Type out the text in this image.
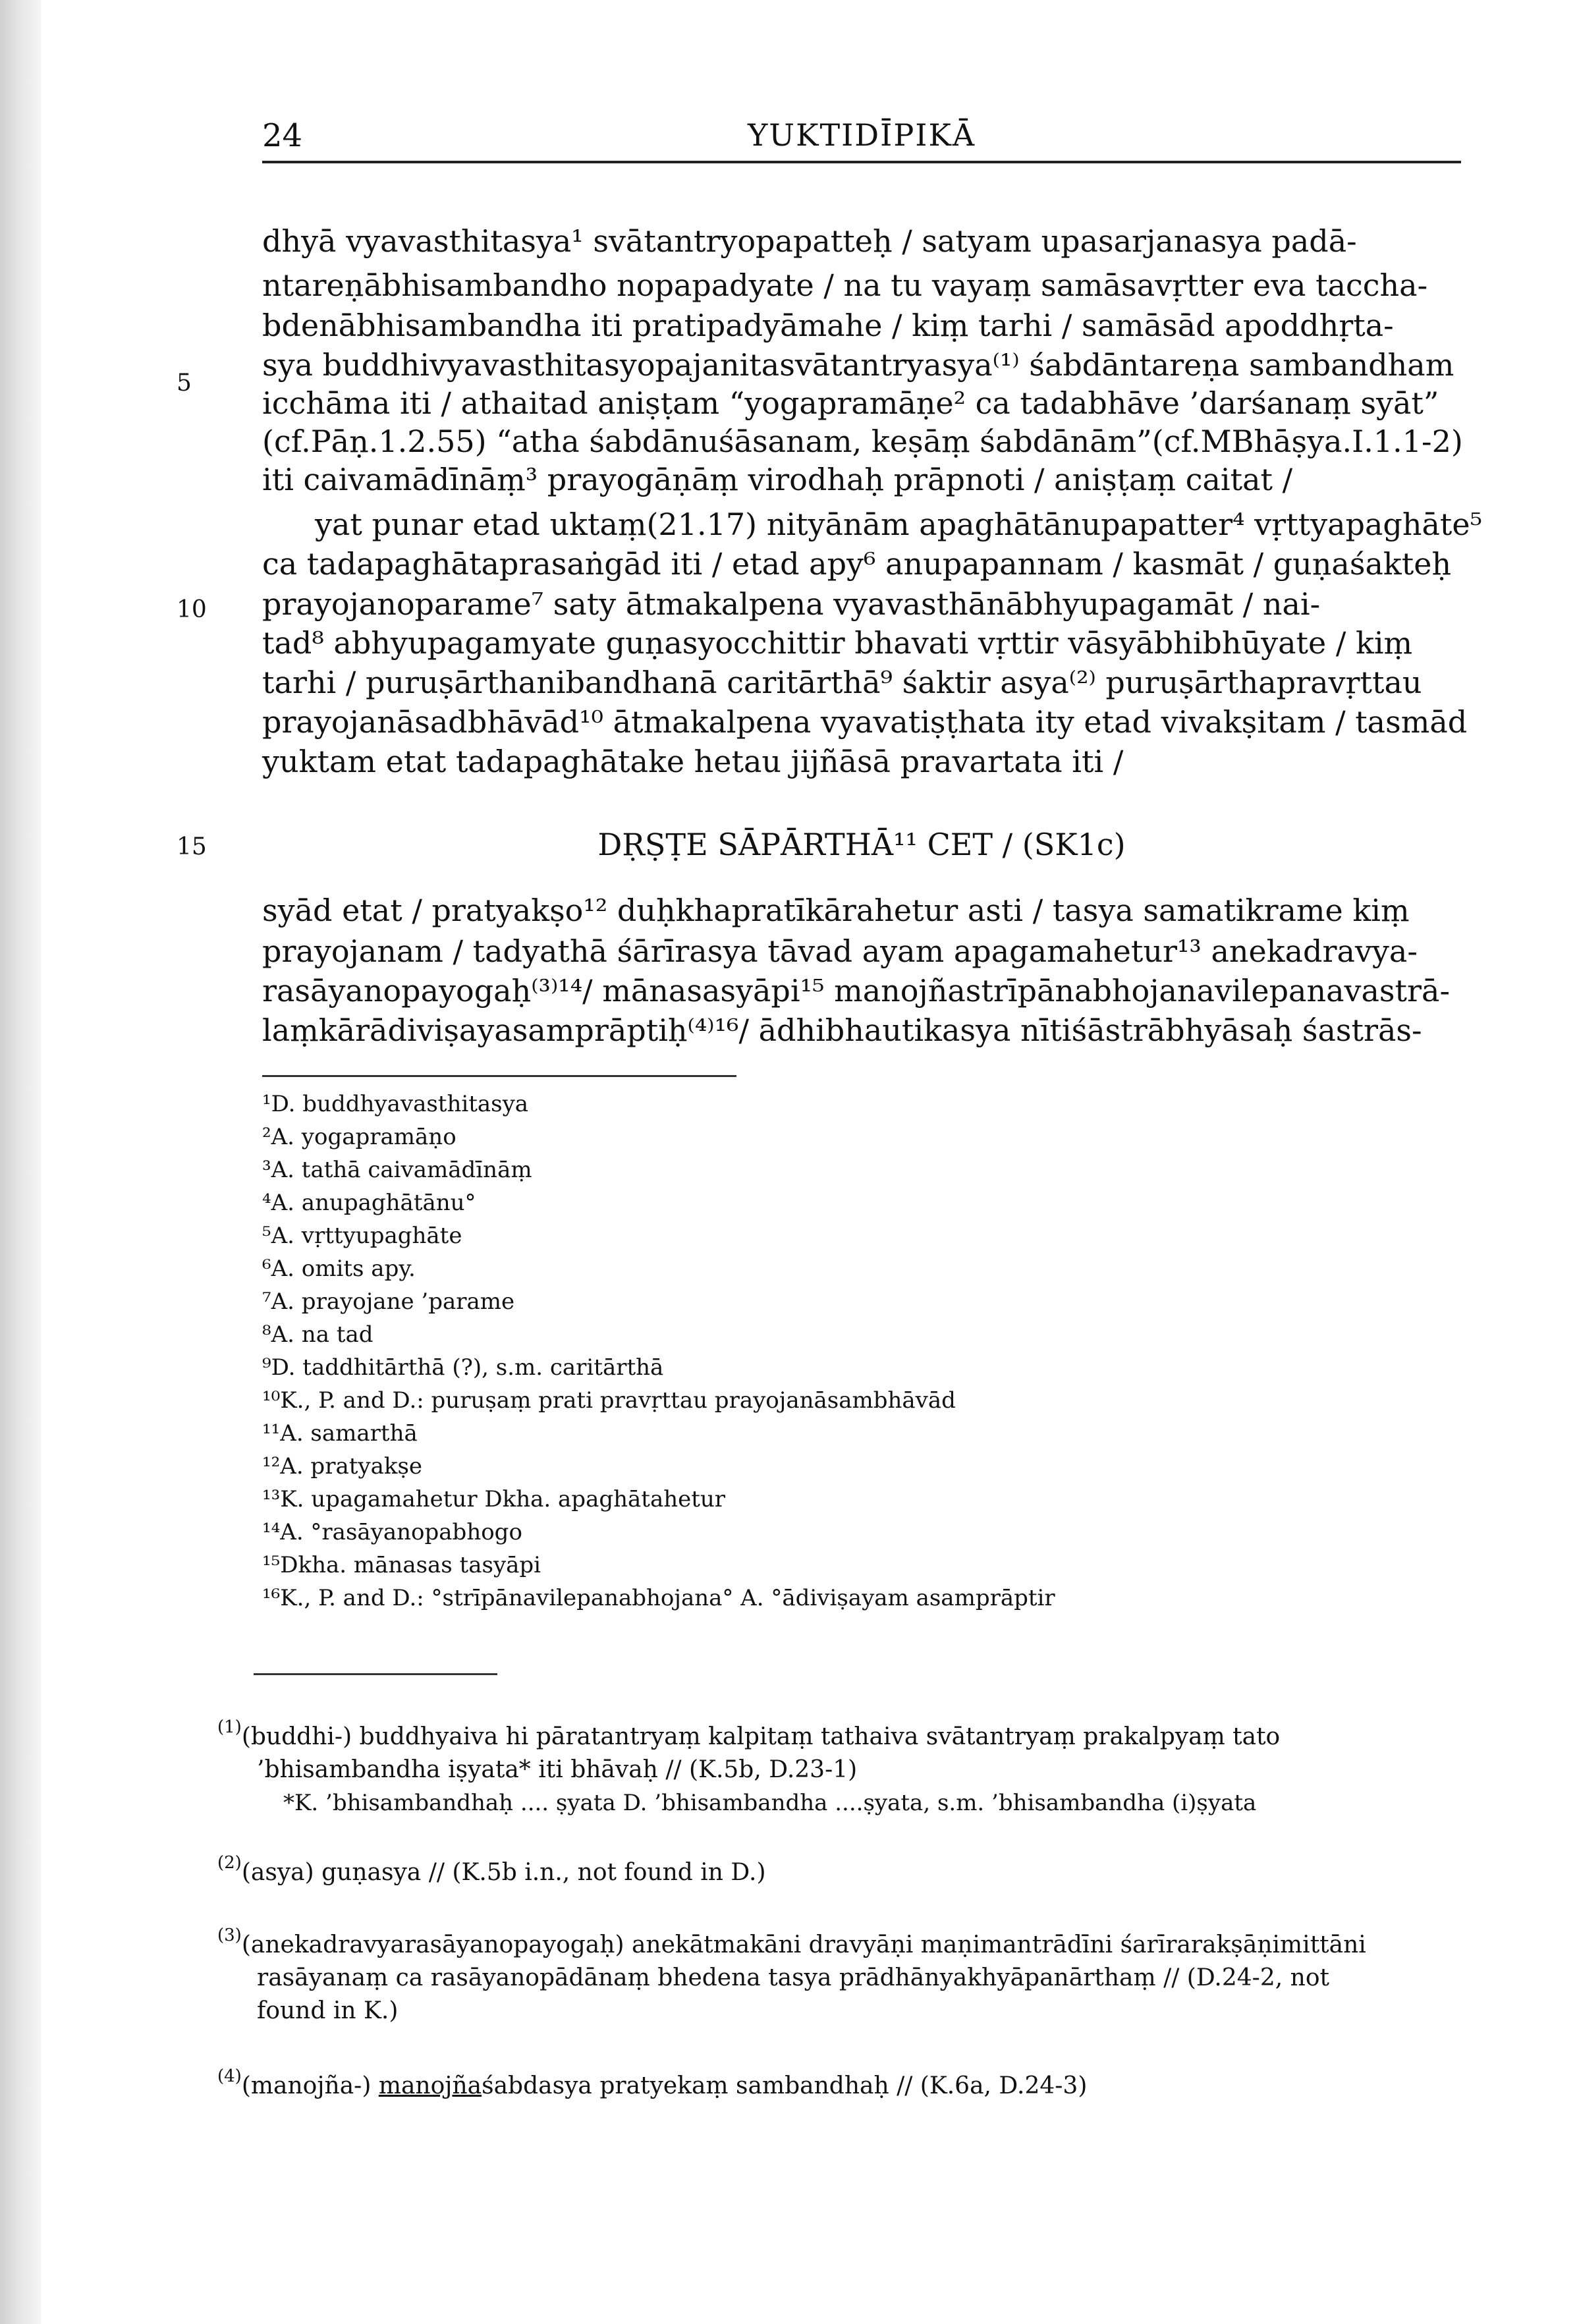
24	YUKTIDĪPIKĀ
5
10
15
dhyā vyavasthitasya¹ svātantryopapatteḥ / satyam upasarjanasya padā-
ntareṇābhisambandho nopapadyate / na tu vayaṃ samāsavṛtter eva taccha-
bdenābhisambandha iti pratipadyāmahe / kiṃ tarhi / samāsād apoddhṛta-
sya buddhivyavasthitasyopajanitasvātantryasya⁽¹⁾ śabdāntareṇa sambandham
icchāma iti / athaitad aniṣṭam “yogapramāṇe² ca tadabhāve ’darśanaṃ syāt”
(cf.Pāṇ.1.2.55) “atha śabdānuśāsanam, keṣāṃ śabdānām”(cf.MBhāṣya.I.1.1-2)
iti caivamādīnāṃ³ prayogāṇāṃ virodhaḥ prāpnoti / aniṣṭaṃ caitat /
yat punar etad uktaṃ(21.17) nityānām apaghātānupapatter⁴ vṛttyapaghāte⁵
ca tadapaghātaprasaṅgād iti / etad apy⁶ anupapannam / kasmāt / guṇaśakteḥ
prayojanoparame⁷ saty ātmakalpena vyavasthānābhyupagamāt / nai-
tad⁸ abhyupagamyate guṇasyocchittir bhavati vṛttir vāsyābhibhūyate / kiṃ
tarhi / puruṣārthanibandhanā caritārthā⁹ śaktir asya⁽²⁾ puruṣārthapravṛttau
prayojanāsadbhāvād¹⁰ ātmakalpena vyavatiṣṭhata ity etad vivakṣitam / tasmād
yuktam etat tadapaghātake hetau jijñāsā pravartata iti /
DṚṢṬE SĀPĀRTHĀ¹¹ CET / (SK1c)
syād etat / pratyakṣo¹² duḥkhapratīkārahetur asti / tasya samatikrame kiṃ
prayojanam / tadyathā śārīrasya tāvad ayam apagamahetur¹³ anekadravya-
rasāyanopayogaḥ⁽³⁾¹⁴/ mānasasyāpi¹⁵ manojñastrīpānabhojanavilepanavastrā-
laṃkārādiviṣayasamprāptiḥ⁽⁴⁾¹⁶/ ādhibhautikasya nītiśāstrābhyāsaḥ śastrās-
¹D. buddhyavasthitasya
²A. yogapramāṇo
³A. tathā caivamādīnāṃ
⁴A. anupaghātānu°
⁵A. vṛttyupaghāte
⁶A. omits apy.
⁷A. prayojane ’parame
⁸A. na tad
⁹D. taddhitārthā (?), s.m. caritārthā
¹⁰K., P. and D.: puruṣaṃ prati pravṛttau prayojanāsambhāvād
¹¹A. samarthā
¹²A. pratyakṣe
¹³K. upagamahetur Dkha. apaghātahetur
¹⁴A. °rasāyanopabhogo
¹⁵Dkha. mānasas tasyāpi
¹⁶K., P. and D.: °strīpānavilepanabhojana° A. °ādiviṣayam asamprāptir
$^{(1)}$(buddhi-) buddhyaiva hi pāratantryaṃ kalpitaṃ tathaiva svātantryaṃ prakalpyaṃ tato
’bhisambandha iṣyata* iti bhāvaḥ // (K.5b, D.23-1)
*K. ’bhisambandhaḥ .... ṣyata D. ’bhisambandha ....ṣyata, s.m. ’bhisambandha (i)ṣyata
$^{(2)}$(asya) guṇasya // (K.5b i.n., not found in D.)
$^{(3)}$(anekadravyarasāyanopayogaḥ) anekātmakāni dravyāṇi maṇimantrādīni śarīrarakṣāṇimittāni
rasāyanaṃ ca rasāyanopādānaṃ bhedena tasya prādhānyakhyāpanārthaṃ // (D.24-2, not
found in K.)
$^{(4)}$(manojña-) manojñaśabdasya pratyekaṃ sambandhaḥ // (K.6a, D.24-3)
